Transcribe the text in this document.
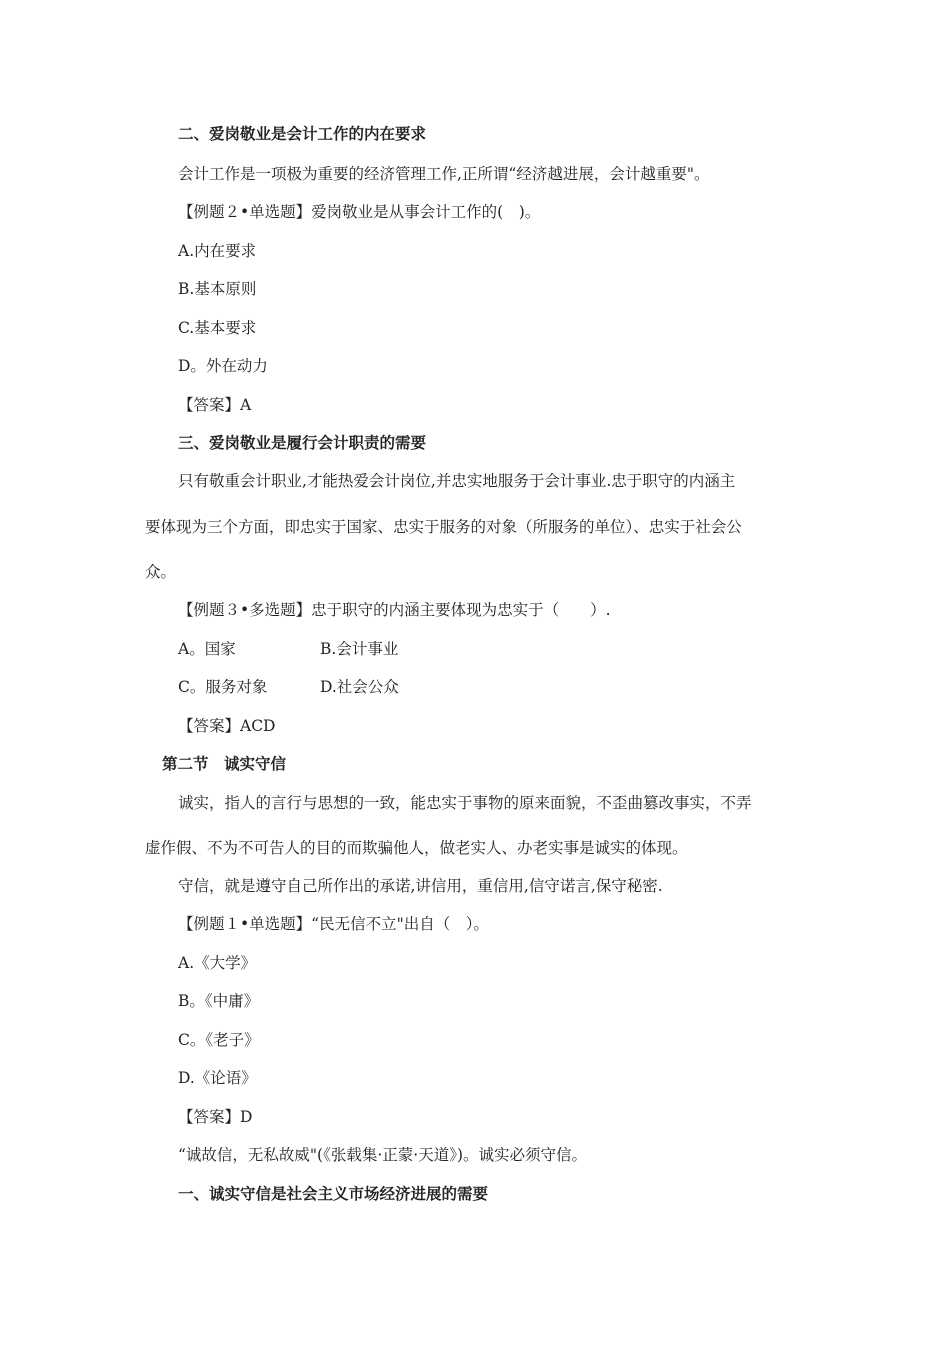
二、爱岗敬业是会计工作的内在要求
会计工作是一项极为重要的经济管理工作,正所谓“经济越进展，会计越重要"。
【例题２•单选题】爱岗敬业是从事会计工作的(　)。
A.内在要求
B.基本原则
C.基本要求
D。外在动力
【答案】A
三、爱岗敬业是履行会计职责的需要
只有敬重会计职业,才能热爱会计岗位,并忠实地服务于会计事业.忠于职守的内涵主
要体现为三个方面，即忠实于国家、忠实于服务的对象（所服务的单位）、忠实于社会公
众。
【例题３•多选题】忠于职守的内涵主要体现为忠实于（　　）.
A。国家	B.会计事业
C。服务对象	D.社会公众
【答案】ACD
第二节　诚实守信
诚实，指人的言行与思想的一致，能忠实于事物的原来面貌，不歪曲篡改事实，不弄
虚作假、不为不可告人的目的而欺骗他人，做老实人、办老实事是诚实的体现。
守信，就是遵守自己所作出的承诺,讲信用，重信用,信守诺言,保守秘密.
【例题１•单选题】“民无信不立"出自（　）。
A.《大学》
B。《中庸》
C。《老子》
D.《论语》
【答案】D
“诚故信，无私故威"(《张载集·正蒙·天道》)。诚实必须守信。
一、诚实守信是社会主义市场经济进展的需要
